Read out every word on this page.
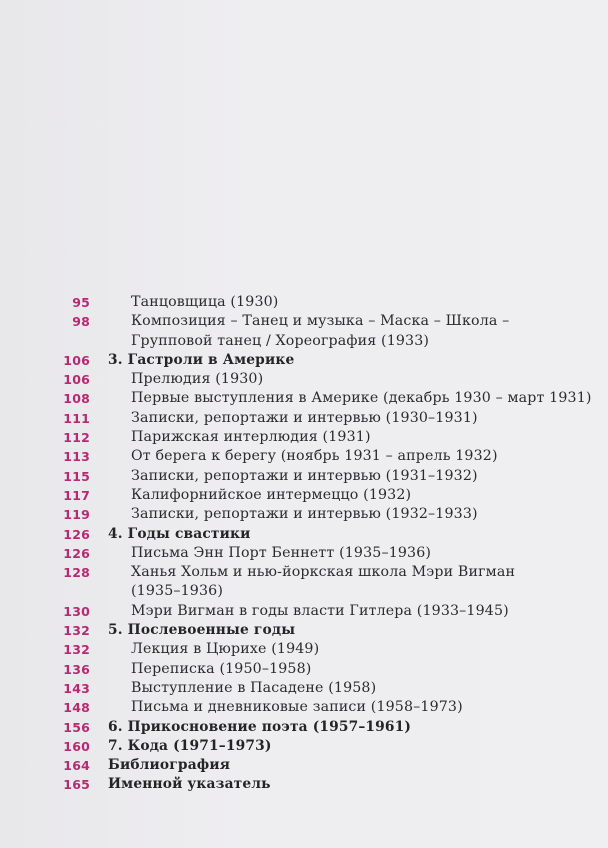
95	Танцовщица (1930)
98	Композиция – Танец и музыка – Маска – Школа –
Групповой танец / Хореография (1933)
106 3. Гастроли в Америке
106	Прелюдия (1930)
108	Первые выступления в Америке (декабрь 1930 – март 1931)
111	Записки, репортажи и интервью (1930–1931)
112	Парижская интерлюдия (1931)
113	От берега к берегу (ноябрь 1931 – апрель 1932)
115	Записки, репортажи и интервью (1931–1932)
117	Калифорнийское интермеццо (1932)
119	Записки, репортажи и интервью (1932–1933)
126 4. Годы свастики
126	Письма Энн Порт Беннетт (1935–1936)
128	Ханья Хольм и нью-йоркская школа Мэри Вигман
(1935–1936)
130	Мэри Вигман в годы власти Гитлера (1933–1945)
132 5. Послевоенные годы
132	Лекция в Цюрихе (1949)
136	Переписка (1950–1958)
143	Выступление в Пасадене (1958)
148	Письма и дневниковые записи (1958–1973)
156 6. Прикосновение поэта (1957–1961)
160 7. Кода (1971–1973)
164 Библиография
165 Именной указатель
